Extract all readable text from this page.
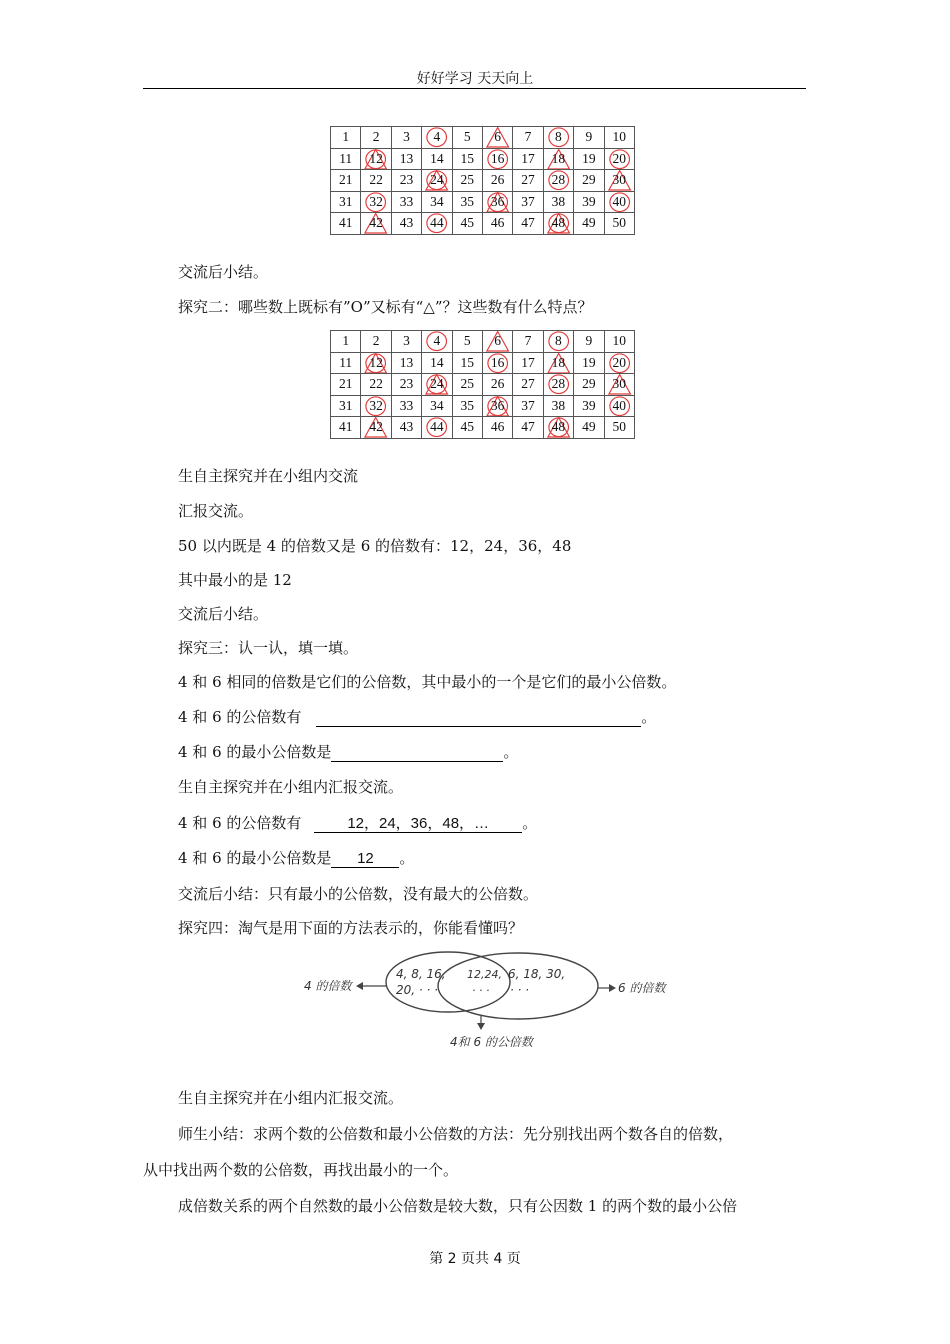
好好学习 天天向上
1	2	3	4	5	6	7	8	9	10
11	12	13	14	15	16	17	18	19	20
21	22	23	24	25	26	27	28	29	30
31	32	33	34	35	36	37	38	39	40
41	42	43	44	45	46	47	48	49	50
交流后小结。
探究二：哪些数上既标有”O”又标有“△”？这些数有什么特点？
1	2	3	4	5	6	7	8	9	10
11	12	13	14	15	16	17	18	19	20
21	22	23	24	25	26	27	28	29	30
31	32	33	34	35	36	37	38	39	40
41	42	43	44	45	46	47	48	49	50
生自主探究并在小组内交流
汇报交流。
50 以内既是 4 的倍数又是 6 的倍数有：12，24，36，48
其中最小的是 12
交流后小结。
探究三：认一认，填一填。
4 和 6 相同的倍数是它们的公倍数，其中最小的一个是它们的最小公倍数。
4 和 6 的公倍数有	。
4 和 6 的最小公倍数是	。
生自主探究并在小组内汇报交流。
4 和 6 的公倍数有	12，24，36，48，… 。
4 和 6 的最小公倍数是 12 。
交流后小结：只有最小的公倍数，没有最大的公倍数。
探究四：淘气是用下面的方法表示的，你能看懂吗？
4 的倍数	6 的倍数
4和 6 的公倍数
4, 8, 16,
20, · · ·
12,24,
· · ·
6, 18, 30,
· · ·
生自主探究并在小组内汇报交流。
师生小结：求两个数的公倍数和最小公倍数的方法：先分别找出两个数各自的倍数，
从中找出两个数的公倍数，再找出最小的一个。
成倍数关系的两个自然数的最小公倍数是较大数，只有公因数 1 的两个数的最小公倍
第 2 页共 4 页
